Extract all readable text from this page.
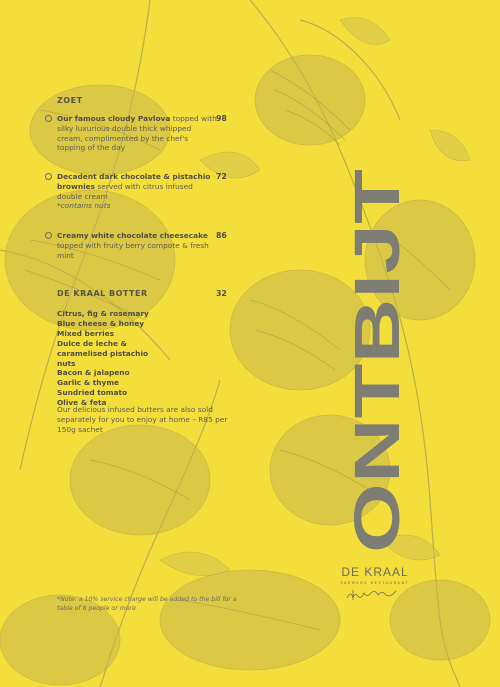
ZOET
Our famous cloudy Pavlova topped with silky luxurious double thick whipped cream, complimented by the chef's topping of the day
98
Decadent dark chocolate & pistachio brownies served with citrus infused double cream
*contains nuts
72
Creamy white chocolate cheesecake topped with fruity berry compote & fresh mint
86
DE KRAAL BOTTER	32
Citrus, fig & rosemary
Blue cheese & honey
Mixed berries
Dulce de leche & caramelised pistachio nuts
Bacon & jalapeno
Garlic & thyme
Sundried tomato
Olive & feta
Our delicious infused butters are also sold separately for you to enjoy at home – R85 per 150g sachet
*Note: a 10% service charge will be added to the bill for a table of 8 people or more
ONTBIJT
DE KRAAL
FARMERS RESTAURANT
